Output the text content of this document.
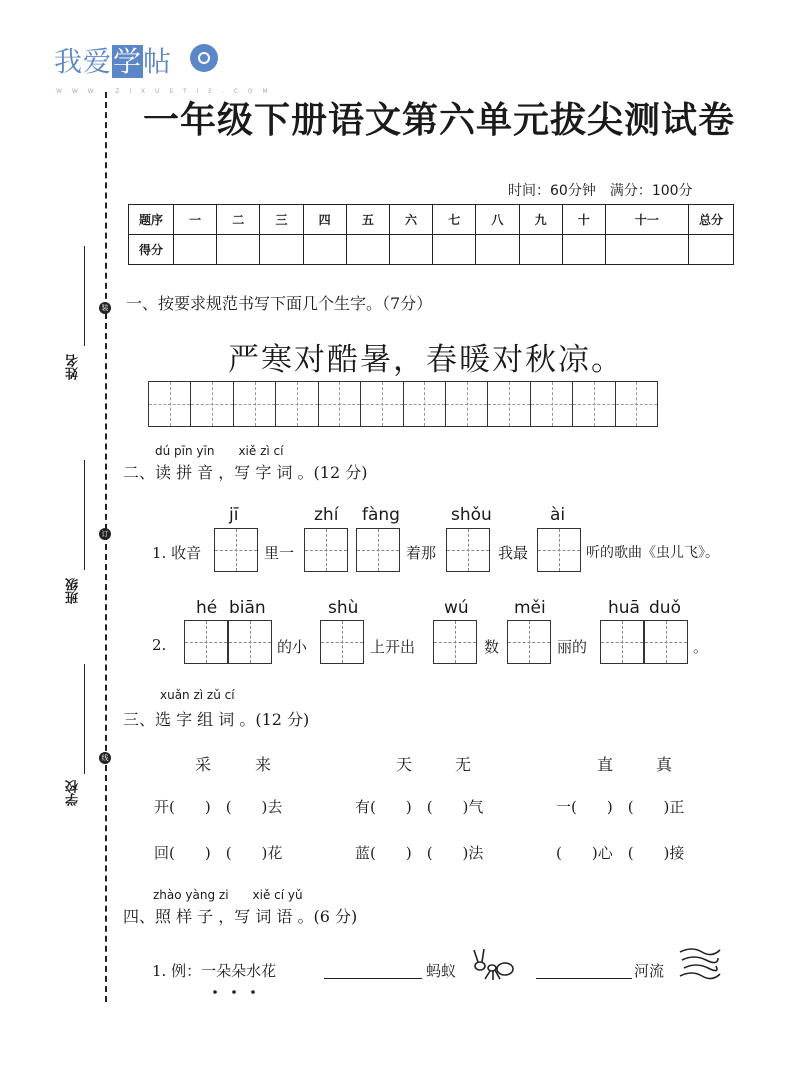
我爱学帖
W W W . Z I X U E T I E . C O M
装
订
线
姓名
班级
学校
一年级下册语文第六单元拔尖测试卷
时间：60分钟　满分：100分
题序	一	二	三	四	五	六	七	八	九	十	十一	总分
得分												
一、按要求规范书写下面几个生字。（7分）
严寒对酷暑，春暖对秋凉。
dú pīn yīn　　xiě zì cí
二、读 拼 音 ，写 字 词 。(12 分)
jī	zhí fàng	shǒu	ài
1. 收音	里一	着那	我最	听的歌曲《虫儿飞》。
hé biān	shù	wú	měi	huā duǒ
2.	的小	上开出	数	丽的	。
xuǎn zì zǔ cí
三、选 字 组 词 。(12 分)
采	来	天	无	直	真
开(　　)　(　　)去	有(　　)　(　　)气	一(　　)　(　　)正
回(　　)　(　　)花	蓝(　　)　(　　)法	(　　)心　(　　)接
zhào yàng zi　　xiě cí yǔ
四、照 样 子 ，写 词 语 。(6 分)
1. 例：一朵朵水花	蚂蚁	河流
